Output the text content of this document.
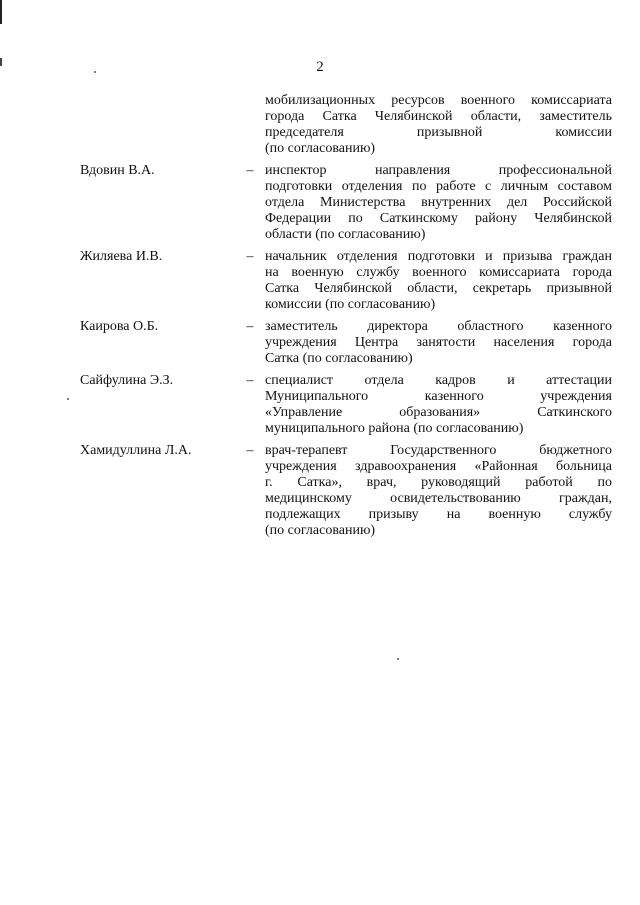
2
мобилизационных ресурсов военного комиссариата
города Сатка Челябинской области, заместитель
председателя призывной комиссии
(по согласованию)
Вдовин В.А.	– инспектор направления профессиональной
подготовки отделения по работе с личным составом
отдела Министерства внутренних дел Российской
Федерации по Саткинскому району Челябинской
области (по согласованию)
Жиляева И.В.	– начальник отделения подготовки и призыва граждан
на военную службу военного комиссариата города
Сатка Челябинской области, секретарь призывной
комиссии (по согласованию)
Каирова О.Б.	– заместитель директора областного казенного
учреждения Центра занятости населения города
Сатка (по согласованию)
Сайфулина Э.З.	– специалист отдела кадров и аттестации
Муниципального казенного учреждения
«Управление образования» Саткинского
муниципального района (по согласованию)
Хамидуллина Л.А.	– врач-терапевт Государственного бюджетного
учреждения здравоохранения «Районная больница
г. Сатка», врач, руководящий работой по
медицинскому освидетельствованию граждан,
подлежащих призыву на военную службу
(по согласованию)
